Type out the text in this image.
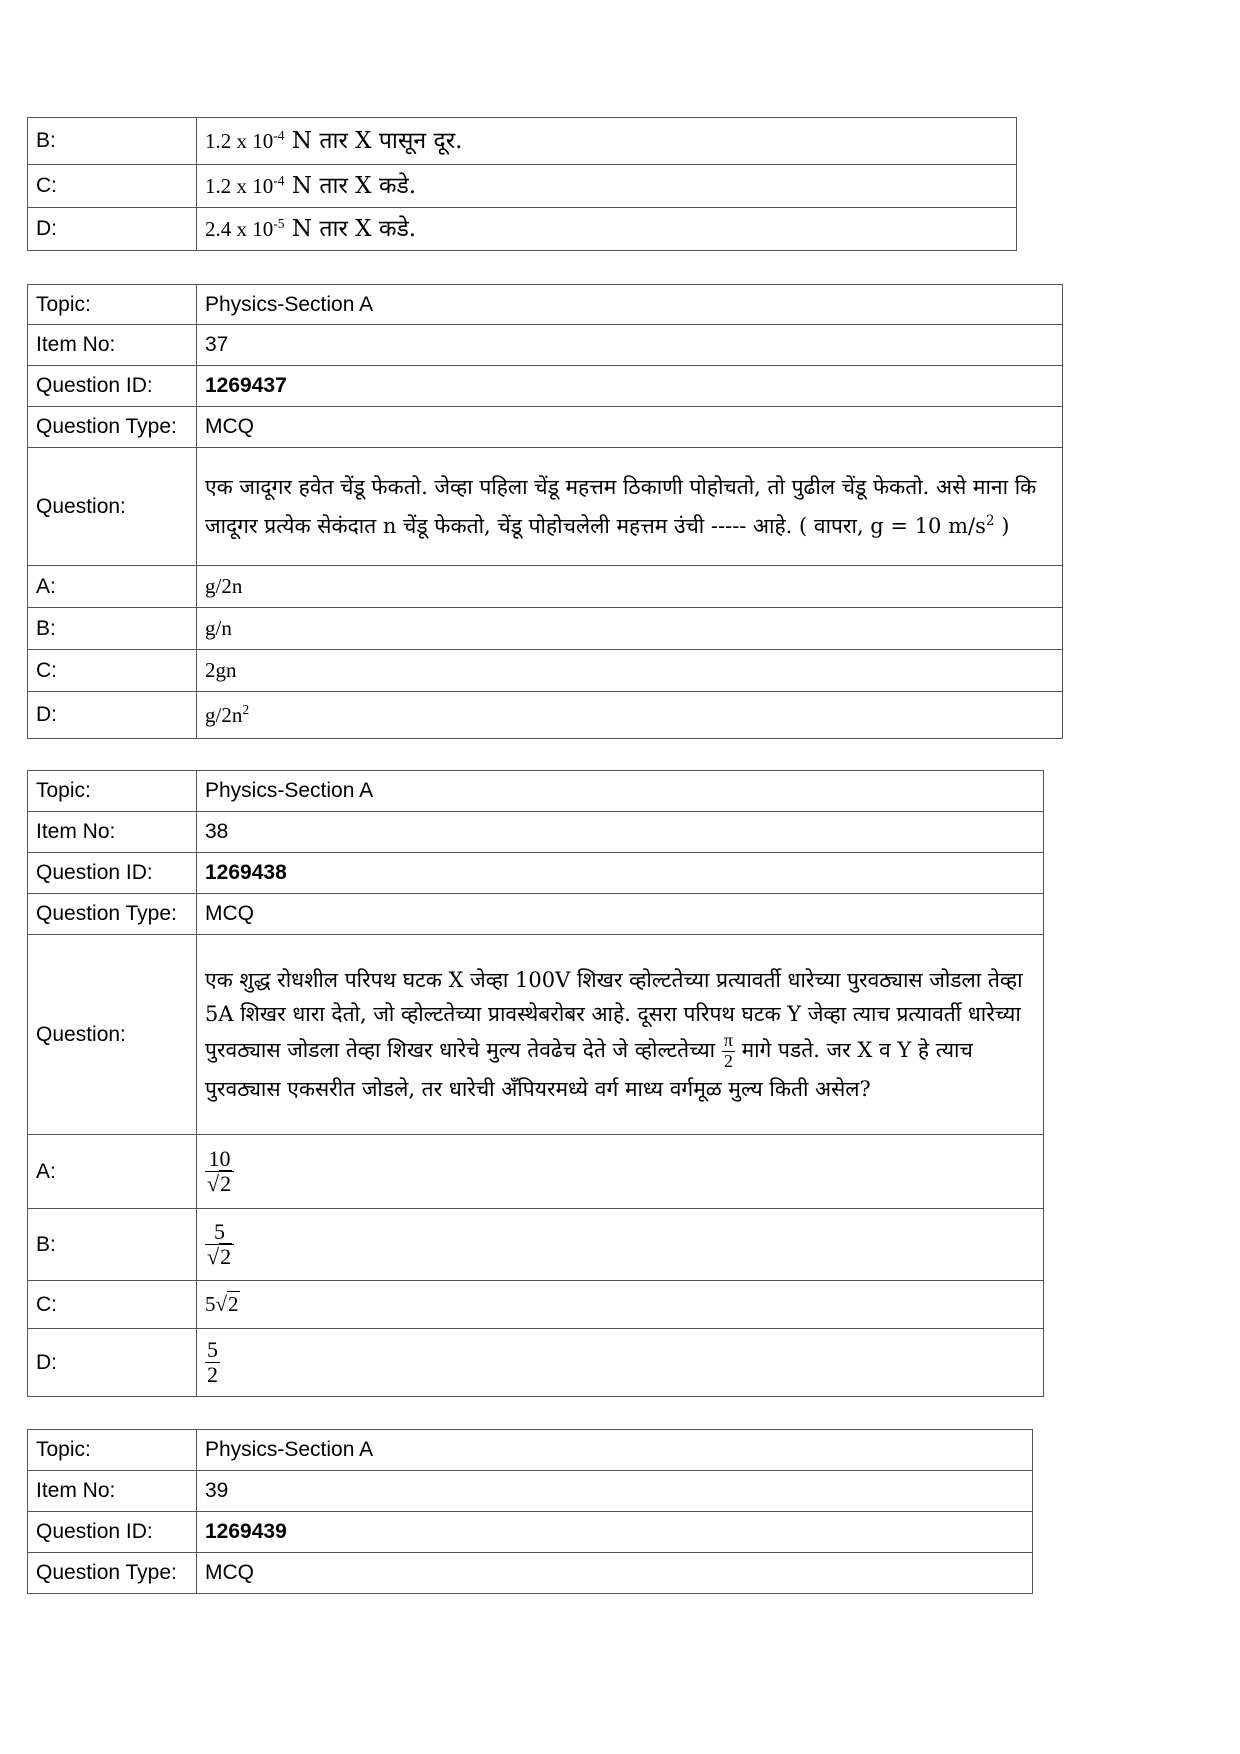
B:	1.2 x $10^{-4}$ N तार X पासून दूर.
C:	1.2 x $10^{-4}$ N तार X कडे.
D:	2.4 x $10^{-5}$ N तार X कडे.
Topic:	Physics-Section A
Item No:	37
Question ID:	1269437
Question Type:	MCQ
Question:	एक जादूगर हवेत चेंडू फेकतो. जेव्हा पहिला चेंडू महत्तम ठिकाणी पोहोचतो, तो पुढील चेंडू फेकतो. असे माना कि जादूगर प्रत्येक सेकंदात n चेंडू फेकतो, चेंडू पोहोचलेली महत्तम उंची ----- आहे. ( वापरा, g = 10 $m/s^2$ )
A:	g/2n
B:	g/n
C:	2gn
D:	$g/2n^2$
Topic:	Physics-Section A
Item No:	38
Question ID:	1269438
Question Type:	MCQ
Question:	एक शुद्ध रोधशील परिपथ घटक X जेव्हा 100V शिखर व्होल्टतेच्या प्रत्यावर्ती धारेच्या पुरवठ्यास जोडला तेव्हा 5A शिखर धारा देतो, जो व्होल्टतेच्या प्रावस्थेबरोबर आहे. दूसरा परिपथ घटक Y जेव्हा त्याच प्रत्यावर्ती धारेच्या पुरवठ्यास जोडला तेव्हा शिखर धारेचे मुल्य तेवढेच देते जे व्होल्टतेच्या $\frac{\pi}{2}$ मागे पडते. जर X व Y हे त्याच पुरवठ्यास एकसरीत जोडले, तर धारेची अँपियरमध्ये वर्ग माध्य वर्गमूळ मुल्य किती असेल?
A:	$\frac{10}{√2}$

B:	$\frac{5}{√2}$

C:	5√2
D:	$\frac{5}{2}$
Topic:	Physics-Section A
Item No:	39
Question ID:	1269439
Question Type:	MCQ
